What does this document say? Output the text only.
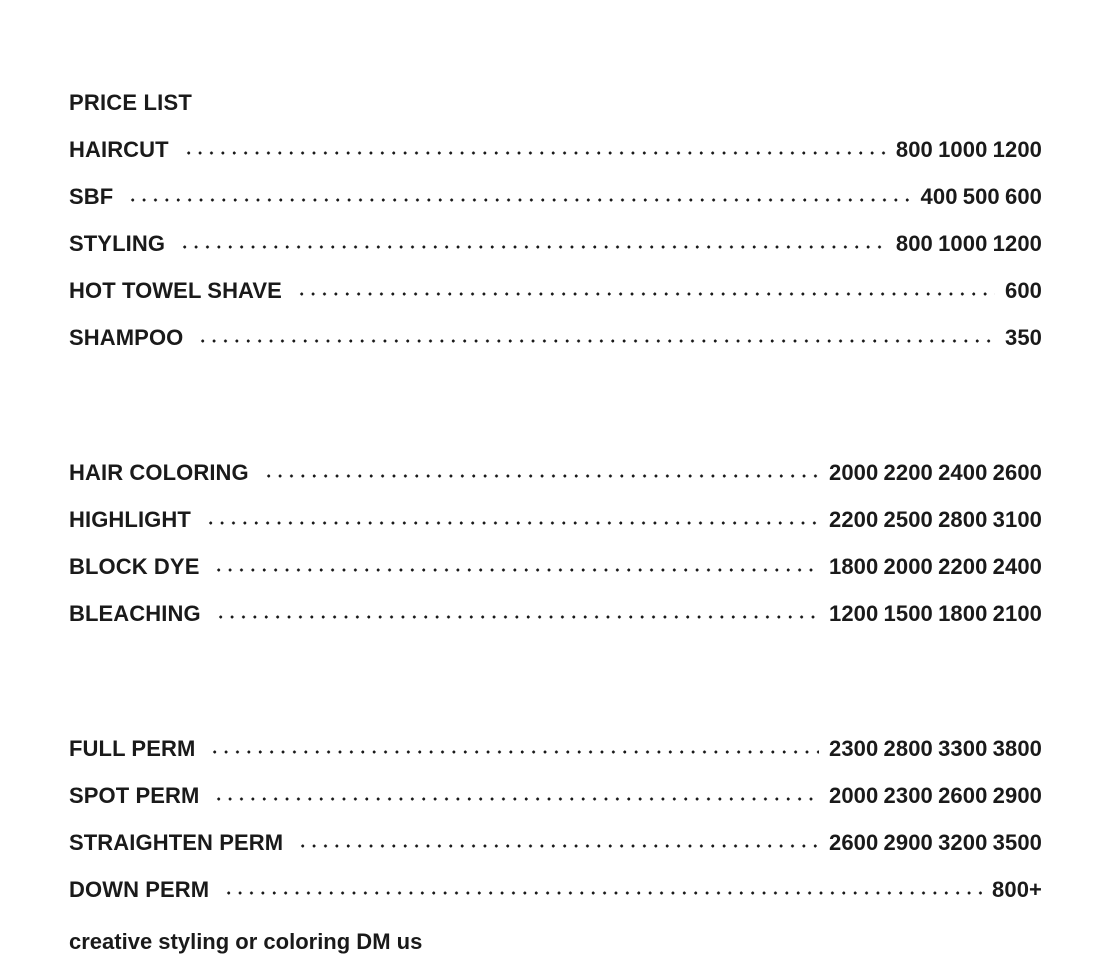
PRICE LIST
HAIRCUT	800 1000 1200
SBF	400 500 600
STYLING	800 1000 1200
HOT TOWEL SHAVE	600
SHAMPOO	350
HAIR COLORING	2000 2200 2400 2600
HIGHLIGHT	2200 2500 2800 3100
BLOCK DYE	1800 2000 2200 2400
BLEACHING	1200 1500 1800 2100
FULL PERM	2300 2800 3300 3800
SPOT PERM	2000 2300 2600 2900
STRAIGHTEN PERM	2600 2900 3200 3500
DOWN PERM	800+
creative styling or coloring DM us
